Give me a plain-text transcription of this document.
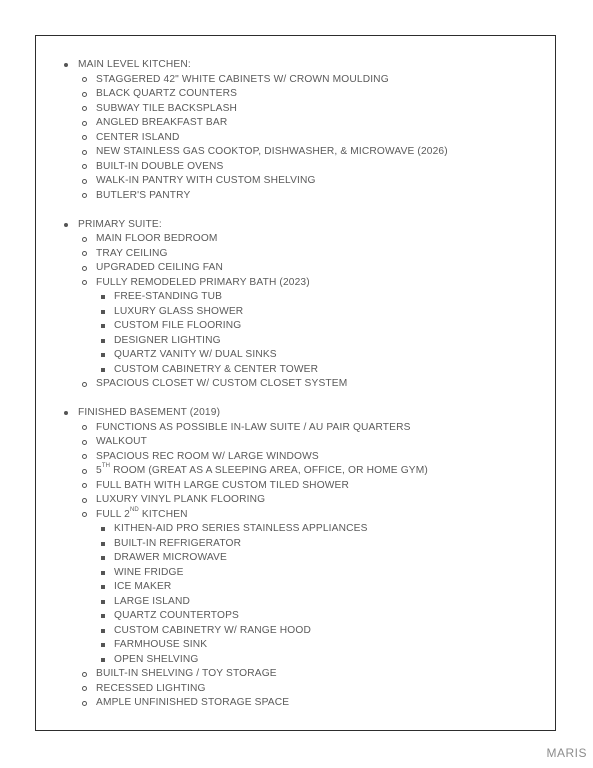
MAIN LEVEL KITCHEN:
STAGGERED 42" WHITE CABINETS W/ CROWN MOULDING
BLACK QUARTZ COUNTERS
SUBWAY TILE BACKSPLASH
ANGLED BREAKFAST BAR
CENTER ISLAND
NEW STAINLESS GAS COOKTOP, DISHWASHER, & MICROWAVE (2026)
BUILT-IN DOUBLE OVENS
WALK-IN PANTRY WITH CUSTOM SHELVING
BUTLER'S PANTRY
PRIMARY SUITE:
MAIN FLOOR BEDROOM
TRAY CEILING
UPGRADED CEILING FAN
FULLY REMODELED PRIMARY BATH (2023)
FREE-STANDING TUB
LUXURY GLASS SHOWER
CUSTOM FILE FLOORING
DESIGNER LIGHTING
QUARTZ VANITY W/ DUAL SINKS
CUSTOM CABINETRY & CENTER TOWER
SPACIOUS CLOSET W/ CUSTOM CLOSET SYSTEM
FINISHED BASEMENT (2019)
FUNCTIONS AS POSSIBLE IN-LAW SUITE / AU PAIR QUARTERS
WALKOUT
SPACIOUS REC ROOM W/ LARGE WINDOWS
5TH ROOM (GREAT AS A SLEEPING AREA, OFFICE, OR HOME GYM)
FULL BATH WITH LARGE CUSTOM TILED SHOWER
LUXURY VINYL PLANK FLOORING
FULL 2ND KITCHEN
KITHEN-AID PRO SERIES STAINLESS APPLIANCES
BUILT-IN REFRIGERATOR
DRAWER MICROWAVE
WINE FRIDGE
ICE MAKER
LARGE ISLAND
QUARTZ COUNTERTOPS
CUSTOM CABINETRY W/ RANGE HOOD
FARMHOUSE SINK
OPEN SHELVING
BUILT-IN SHELVING / TOY STORAGE
RECESSED LIGHTING
AMPLE UNFINISHED STORAGE SPACE
MARIS
